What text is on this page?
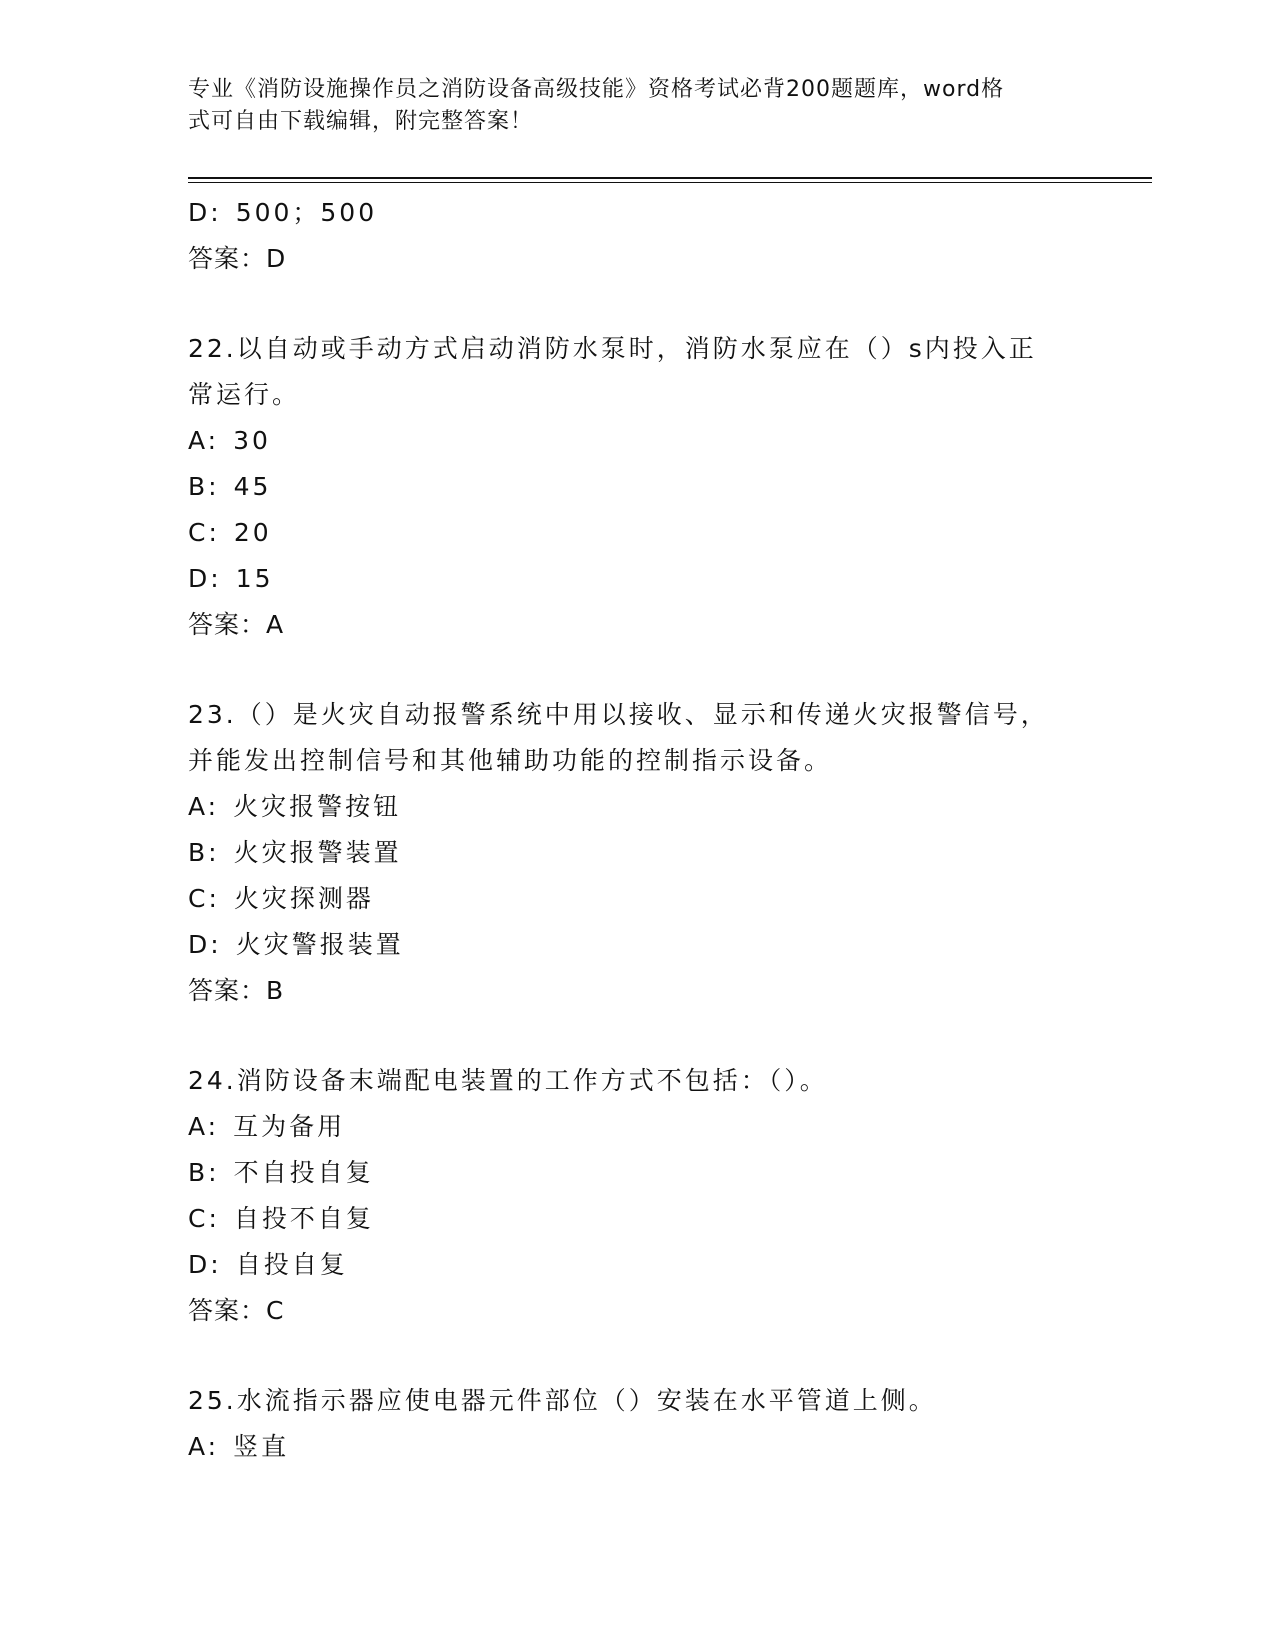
专业《消防设施操作员之消防设备高级技能》资格考试必背200题题库，word格
式可自由下载编辑，附完整答案！
D: 500；500
答案：D
22.以自动或手动方式启动消防水泵时，消防水泵应在（）s内投入正
常运行。
A: 30
B: 45
C: 20
D: 15
答案：A
23.（）是火灾自动报警系统中用以接收、显示和传递火灾报警信号，
并能发出控制信号和其他辅助功能的控制指示设备。
A: 火灾报警按钮
B: 火灾报警装置
C: 火灾探测器
D: 火灾警报装置
答案：B
24.消防设备末端配电装置的工作方式不包括：（）。
A: 互为备用
B: 不自投自复
C: 自投不自复
D: 自投自复
答案：C
25.水流指示器应使电器元件部位（）安装在水平管道上侧。
A: 竖直
